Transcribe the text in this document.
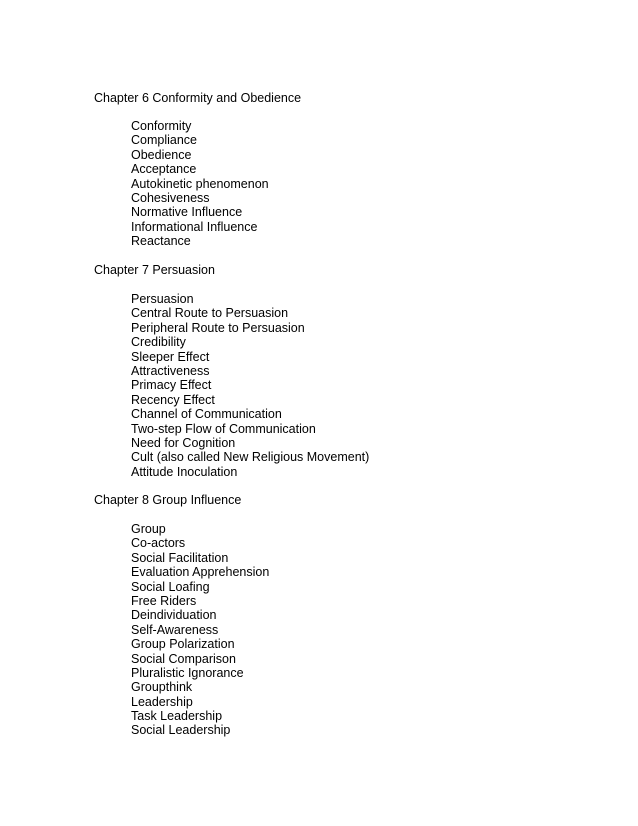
Chapter 6 Conformity and Obedience
Conformity
Compliance
Obedience
Acceptance
Autokinetic phenomenon
Cohesiveness
Normative Influence
Informational Influence
Reactance
Chapter 7 Persuasion
Persuasion
Central Route to Persuasion
Peripheral Route to Persuasion
Credibility
Sleeper Effect
Attractiveness
Primacy Effect
Recency Effect
Channel of Communication
Two-step Flow of Communication
Need for Cognition
Cult (also called New Religious Movement)
Attitude Inoculation
Chapter 8 Group Influence
Group
Co-actors
Social Facilitation
Evaluation Apprehension
Social Loafing
Free Riders
Deindividuation
Self-Awareness
Group Polarization
Social Comparison
Pluralistic Ignorance
Groupthink
Leadership
Task Leadership
Social Leadership
